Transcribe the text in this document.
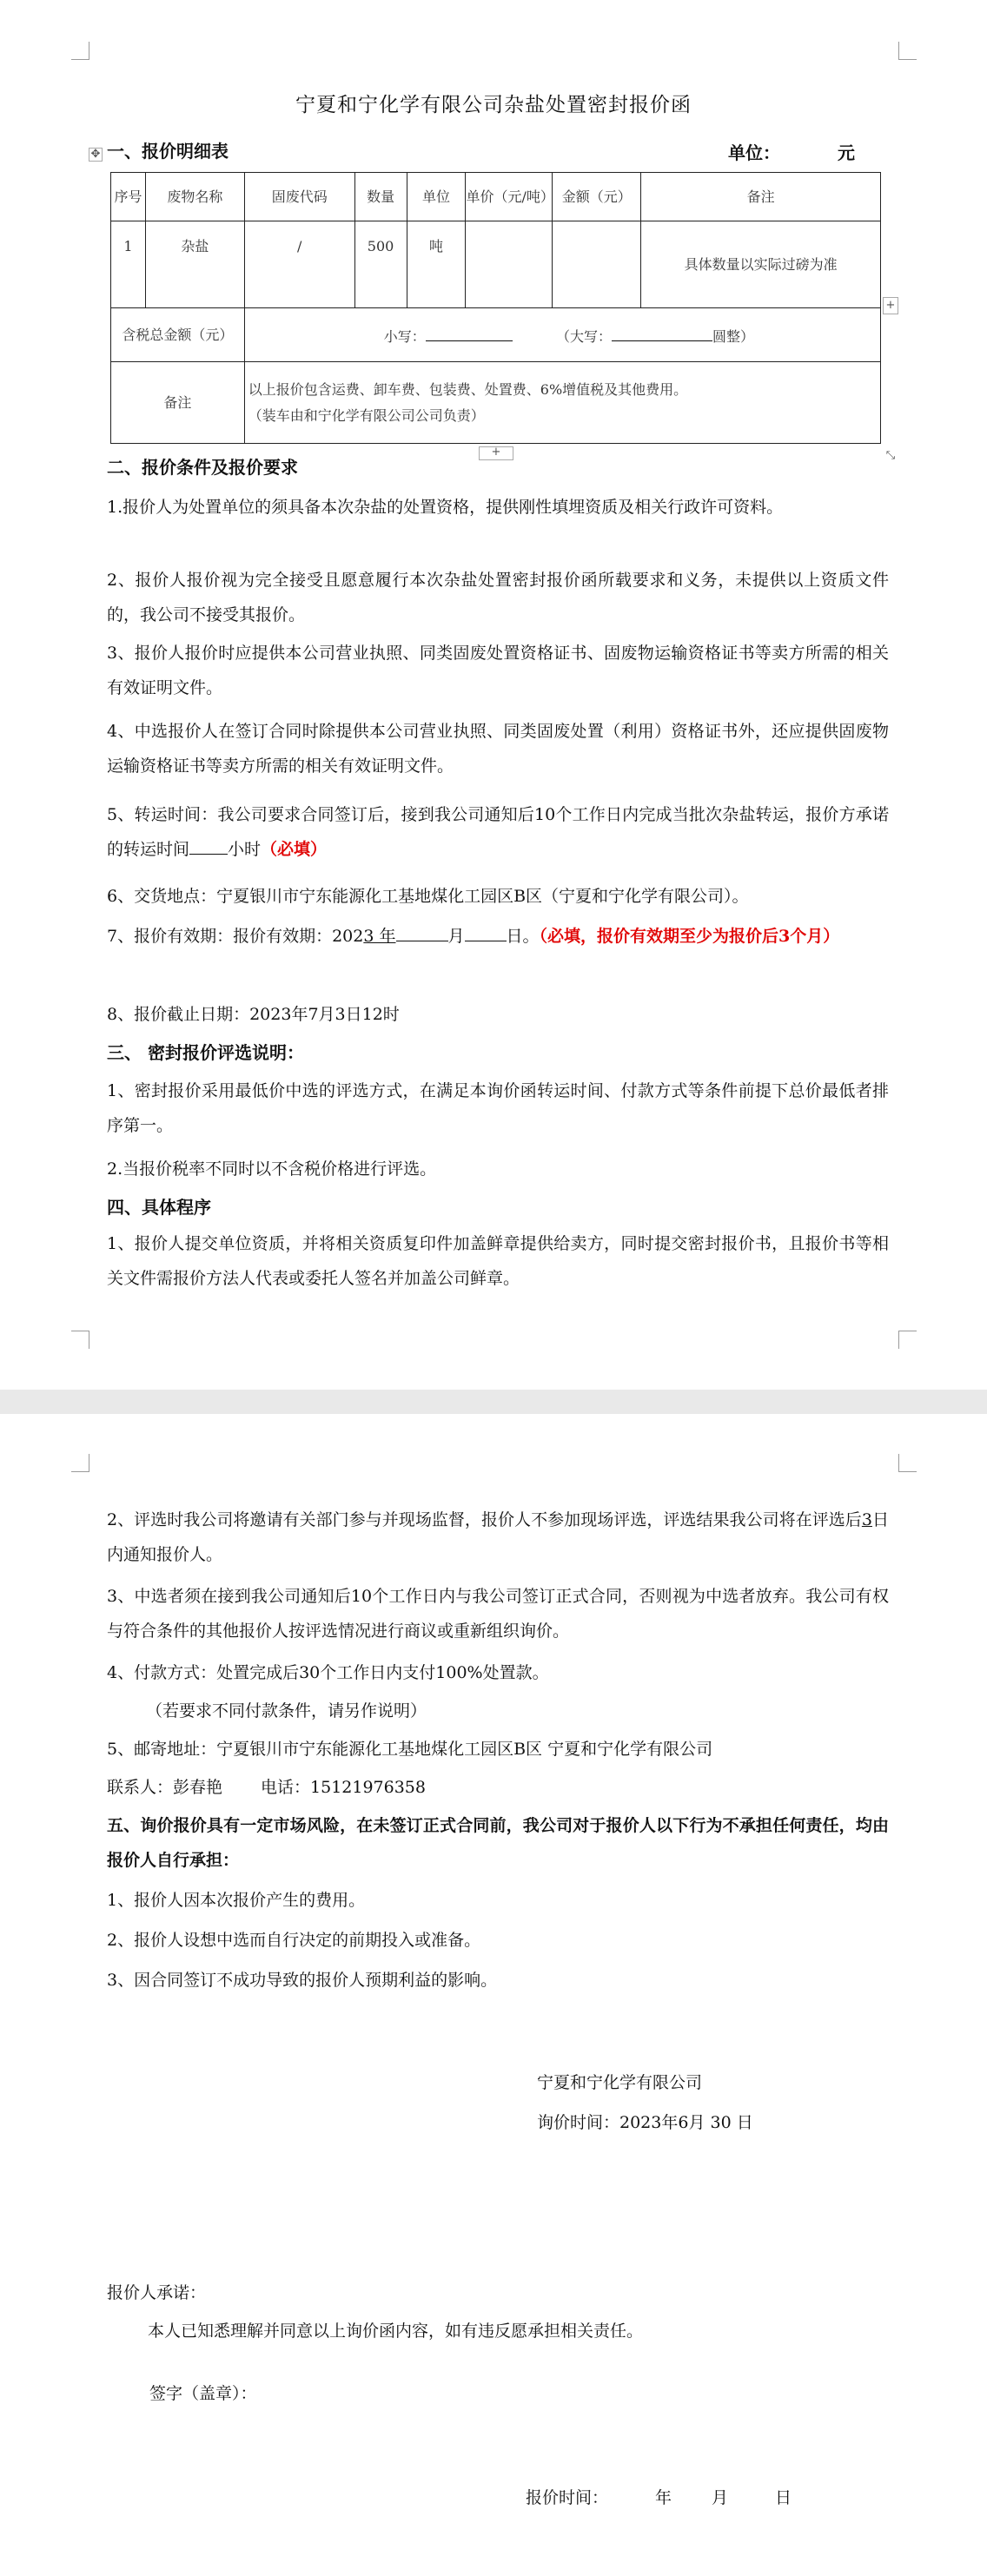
宁夏和宁化学有限公司杂盐处置密封报价函
✥ 一、报价明细表	单位：	元
序号	废物名称	固废代码	数量	单位	单价（元/吨）	金额（元）	备注
1	杂盐	/	500	吨			具体数量以实际过磅为准
含税总金额（元）		小写： （大写： 圆整）					
备注		以上报价包含运费、卸车费、包装费、处置费、6%增值税及其他费用。
（装车由和宁化学有限公司公司负责）					
+
+	⤡
二、报价条件及报价要求
1.报价人为处置单位的须具备本次杂盐的处置资格，提供刚性填埋资质及相关行政许可资料。
2、报价人报价视为完全接受且愿意履行本次杂盐处置密封报价函所载要求和义务，未提供以上资质文件的，我公司不接受其报价。
3、报价人报价时应提供本公司营业执照、同类固废处置资格证书、固废物运输资格证书等卖方所需的相关有效证明文件。
4、中选报价人在签订合同时除提供本公司营业执照、同类固废处置（利用）资格证书外，还应提供固废物运输资格证书等卖方所需的相关有效证明文件。
5、转运时间：我公司要求合同签订后，接到我公司通知后10个工作日内完成当批次杂盐转运，报价方承诺的转运时间 小时（必填）
6、交货地点：宁夏银川市宁东能源化工基地煤化工园区B区（宁夏和宁化学有限公司）。
7、报价有效期：报价有效期：2023 年	月	日。（必填，报价有效期至少为报价后3个月）
8、报价截止日期：2023年7月3日12时
三、 密封报价评选说明：
1、密封报价采用最低价中选的评选方式，在满足本询价函转运时间、付款方式等条件前提下总价最低者排序第一。
2.当报价税率不同时以不含税价格进行评选。
四、具体程序
1、报价人提交单位资质，并将相关资质复印件加盖鲜章提供给卖方，同时提交密封报价书，且报价书等相关文件需报价方法人代表或委托人签名并加盖公司鲜章。
2、评选时我公司将邀请有关部门参与并现场监督，报价人不参加现场评选，评选结果我公司将在评选后3日内通知报价人。
3、中选者须在接到我公司通知后10个工作日内与我公司签订正式合同，否则视为中选者放弃。我公司有权与符合条件的其他报价人按评选情况进行商议或重新组织询价。
4、付款方式：处置完成后30个工作日内支付100%处置款。
（若要求不同付款条件，请另作说明）
5、邮寄地址：宁夏银川市宁东能源化工基地煤化工园区B区 宁夏和宁化学有限公司
联系人：彭春艳 电话：15121976358
五、询价报价具有一定市场风险，在未签订正式合同前，我公司对于报价人以下行为不承担任何责任，均由报价人自行承担：
1、报价人因本次报价产生的费用。
2、报价人设想中选而自行决定的前期投入或准备。
3、因合同签订不成功导致的报价人预期利益的影响。
宁夏和宁化学有限公司
询价时间：2023年6月 30 日
报价人承诺：
本人已知悉理解并同意以上询价函内容，如有违反愿承担相关责任。
签字（盖章）：
报价时间：	年 月	日
